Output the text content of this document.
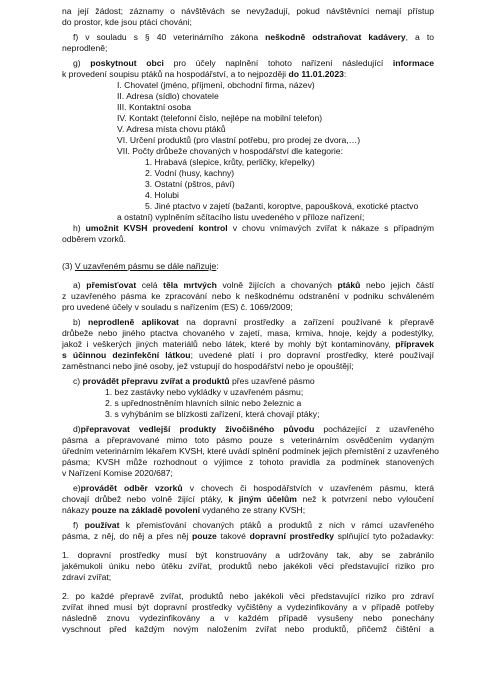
na její žádost; záznamy o návštěvách se nevyžadují, pokud návštěvníci nemají přístup
do prostor, kde jsou ptáci chováni;
f) v souladu s § 40 veterinárního zákona neškodně odstraňovat kadávery, a to
neprodleně;
g) poskytnout obci pro účely naplnění tohoto nařízení následující informace
k provedení soupisu ptáků na hospodářství, a to nejpozději do 11.01.2023:
I. Chovatel (jméno, příjmení, obchodní firma, název)
II. Adresa (sídlo) chovatele
III. Kontaktní osoba
IV. Kontakt (telefonní číslo, nejlépe na mobilní telefon)
V. Adresa místa chovu ptáků
VI. Určení produktů (pro vlastní potřebu, pro prodej ze dvora,…)
VII. Počty drůbeže chovaných v hospodářství dle kategorie:
1. Hrabavá (slepice, krůty, perličky, křepelky)
2. Vodní (husy, kachny)
3. Ostatní (pštros, páví)
4. Holubi
5. Jiné ptactvo v zajetí (bažanti, koroptve, papoušková, exotické ptactvo
a ostatní) vyplněním sčítacího listu uvedeného v příloze nařízení;
h) umožnit KVSH provedení kontrol v chovu vnímavých zvířat k nákaze s případným
odběrem vzorků.
(3) V uzavřeném pásmu se dále nařizuje:
a) přemisťovat celá těla mrtvých volně žijících a chovaných ptáků nebo jejich částí
z uzavřeného pásma ke zpracování nebo k neškodnému odstranění v podniku schváleném
pro uvedené účely v souladu s nařízením (ES) č. 1069/2009;
b) neprodleně aplikovat na dopravní prostředky a zařízení používané k přepravě
drůbeže nebo jiného ptactva chovaného v zajetí, masa, krmiva, hnoje, kejdy a podestýlky,
jakož i veškerých jiných materiálů nebo látek, které by mohly být kontaminovány, přípravek
s účinnou dezinfekční látkou; uvedené platí i pro dopravní prostředky, které používají
zaměstnanci nebo jiné osoby, jež vstupují do hospodářství nebo je opouštějí;
c) provádět přepravu zvířat a produktů přes uzavřené pásmo
1. bez zastávky nebo vykládky v uzavřeném pásmu;
2. s upřednostněním hlavních silnic nebo železnic a
3. s vyhýbáním se blízkosti zařízení, která chovají ptáky;
d)přepravovat vedlejší produkty živočišného původu pocházející z uzavřeného
pásma a přepravované mimo toto pásmo pouze s veterinárním osvědčením vydaným
úředním veterinárním lékařem KVSH, které uvádí splnění podmínek jejich přemístění z uzavřeného
pásma; KVSH může rozhodnout o výjimce z tohoto pravidla za podmínek stanovených
v Nařízení Komise 2020/687;
e)provádět odběr vzorků v chovech či hospodářstvích v uzavřeném pásmu, která
chovají drůbež nebo volně žijící ptáky, k jiným účelům než k potvrzení nebo vyloučení
nákazy pouze na základě povolení vydaného ze strany KVSH;
f) používat k přemisťování chovaných ptáků a produktů z nich v rámci uzavřeného
pásma, z něj, do něj a přes něj pouze takové dopravní prostředky splňující tyto požadavky:
1. dopravní prostředky musí být konstruovány a udržovány tak, aby se zabránilo
jakémukoli úniku nebo útěku zvířat, produktů nebo jakékoli věci představující riziko pro
zdraví zvířat;
2. po každé přepravě zvířat, produktů nebo jakékoli věci představující riziko pro zdraví
zvířat ihned musí být dopravní prostředky vyčištěny a vydezinfikovány a v případě potřeby
následně znovu vydezinfikovány a v každém případě vysušeny nebo ponechány
vyschnout před každým novým naložením zvířat nebo produktů, přičemž čištění a
